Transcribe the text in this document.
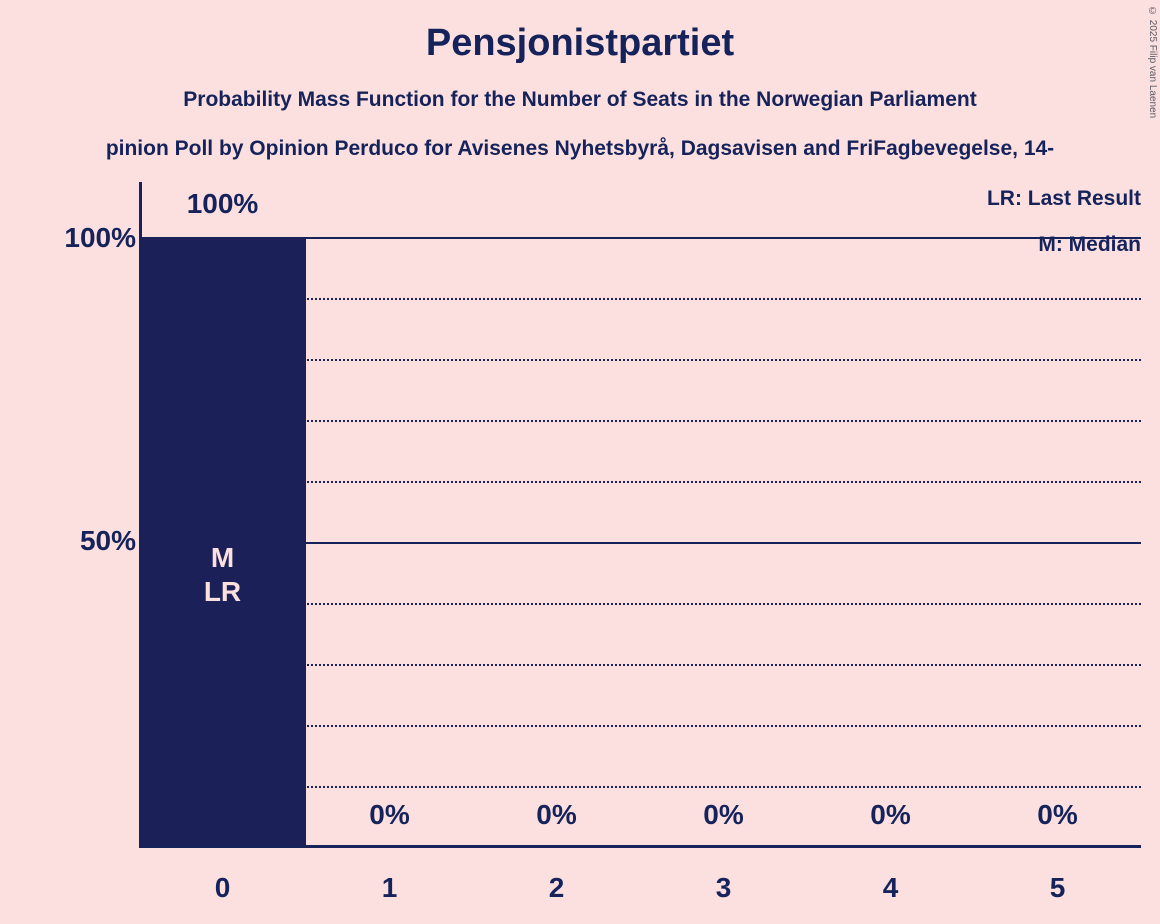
© 2025 Filip van Laenen
Pensjonistpartiet
Probability Mass Function for the Number of Seats in the Norwegian Parliament
pinion Poll by Opinion Perduco for Avisenes Nyhetsbyrå, Dagsavisen and FriFagbevegelse, 14-
LR: Last Result
M: Median
100%
50%
M
LR
100%
0%	0%	0%	0%	0%
0	1	2	3	4	5
